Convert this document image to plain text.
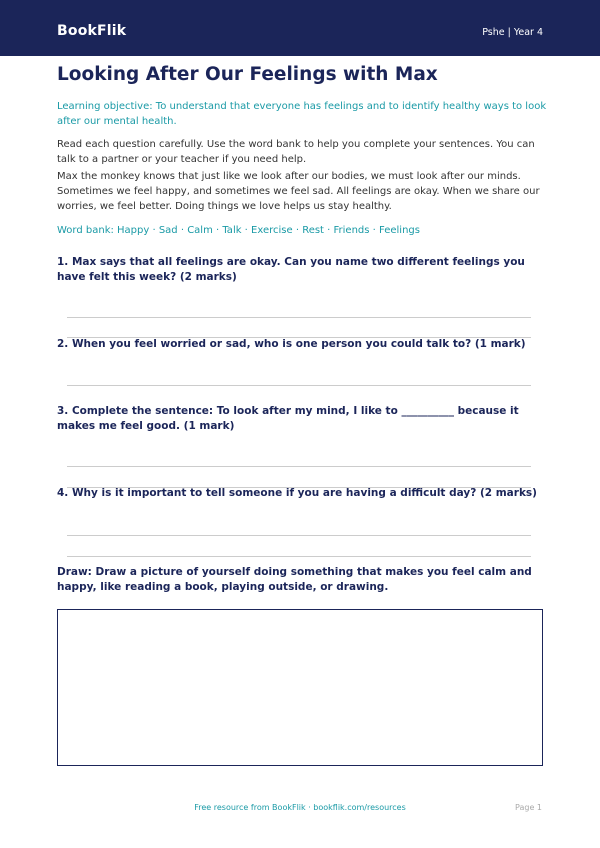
BookFlik	Pshe | Year 4
Looking After Our Feelings with Max
Learning objective: To understand that everyone has feelings and to identify healthy ways to look after our mental health.
Read each question carefully. Use the word bank to help you complete your sentences. You can talk to a partner or your teacher if you need help.
Max the monkey knows that just like we look after our bodies, we must look after our minds. Sometimes we feel happy, and sometimes we feel sad. All feelings are okay. When we share our worries, we feel better. Doing things we love helps us stay healthy.
Word bank: Happy · Sad · Calm · Talk · Exercise · Rest · Friends · Feelings
1. Max says that all feelings are okay. Can you name two different feelings you have felt this week? (2 marks)
2. When you feel worried or sad, who is one person you could talk to? (1 mark)
3. Complete the sentence: To look after my mind, I like to __________ because it makes me feel good. (1 mark)
4. Why is it important to tell someone if you are having a difficult day? (2 marks)
Draw: Draw a picture of yourself doing something that makes you feel calm and happy, like reading a book, playing outside, or drawing.
Free resource from BookFlik · bookflik.com/resources	Page 1
